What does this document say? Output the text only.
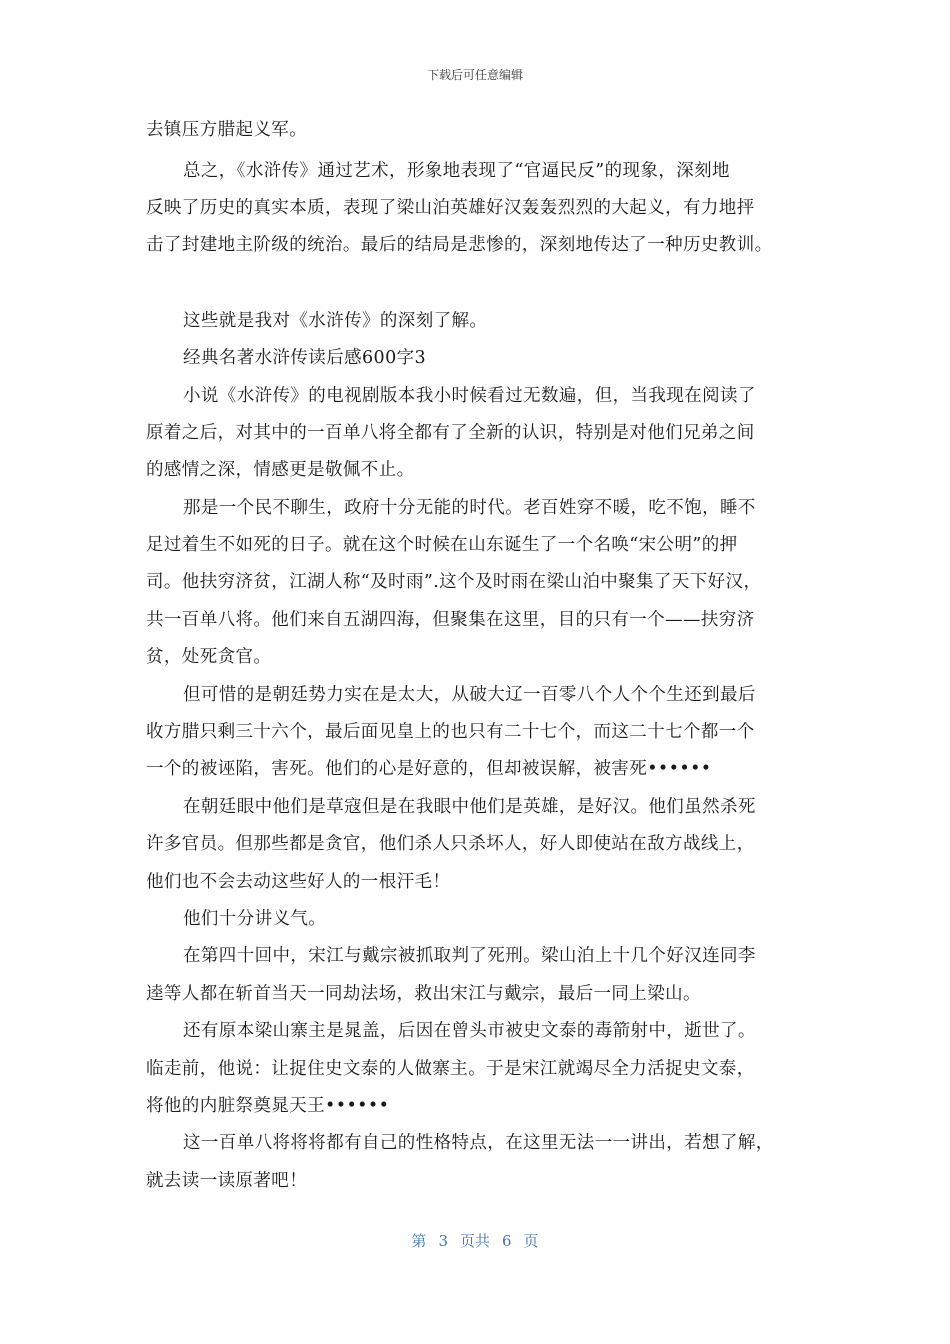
下载后可任意编辑
去镇压方腊起义军。
总之，《水浒传》通过艺术，形象地表现了“官逼民反”的现象，深刻地
反映了历史的真实本质，表现了梁山泊英雄好汉轰轰烈烈的大起义，有力地抨
击了封建地主阶级的统治。最后的结局是悲惨的，深刻地传达了一种历史教训。
这些就是我对《水浒传》的深刻了解。
经典名著水浒传读后感600字3
小说《水浒传》的电视剧版本我小时候看过无数遍，但，当我现在阅读了
原着之后，对其中的一百单八将全都有了全新的认识，特别是对他们兄弟之间
的感情之深，情感更是敬佩不止。
那是一个民不聊生，政府十分无能的时代。老百姓穿不暖，吃不饱，睡不
足过着生不如死的日子。就在这个时候在山东诞生了一个名唤“宋公明”的押
司。他扶穷济贫，江湖人称“及时雨”.这个及时雨在梁山泊中聚集了天下好汉，
共一百单八将。他们来自五湖四海，但聚集在这里，目的只有一个——扶穷济
贫，处死贪官。
但可惜的是朝廷势力实在是太大，从破大辽一百零八个人个个生还到最后
收方腊只剩三十六个，最后面见皇上的也只有二十七个，而这二十七个都一个
一个的被诬陷，害死。他们的心是好意的，但却被误解，被害死••••••
在朝廷眼中他们是草寇但是在我眼中他们是英雄，是好汉。他们虽然杀死
许多官员。但那些都是贪官，他们杀人只杀坏人，好人即使站在敌方战线上，
他们也不会去动这些好人的一根汗毛！
他们十分讲义气。
在第四十回中，宋江与戴宗被抓取判了死刑。梁山泊上十几个好汉连同李
逵等人都在斩首当天一同劫法场，救出宋江与戴宗，最后一同上梁山。
还有原本梁山寨主是晁盖，后因在曾头市被史文泰的毒箭射中，逝世了。
临走前，他说：让捉住史文泰的人做寨主。于是宋江就竭尽全力活捉史文泰，
将他的内脏祭奠晁天王••••••
这一百单八将将将都有自己的性格特点，在这里无法一一讲出，若想了解，
就去读一读原著吧！
第 3 页共 6 页
